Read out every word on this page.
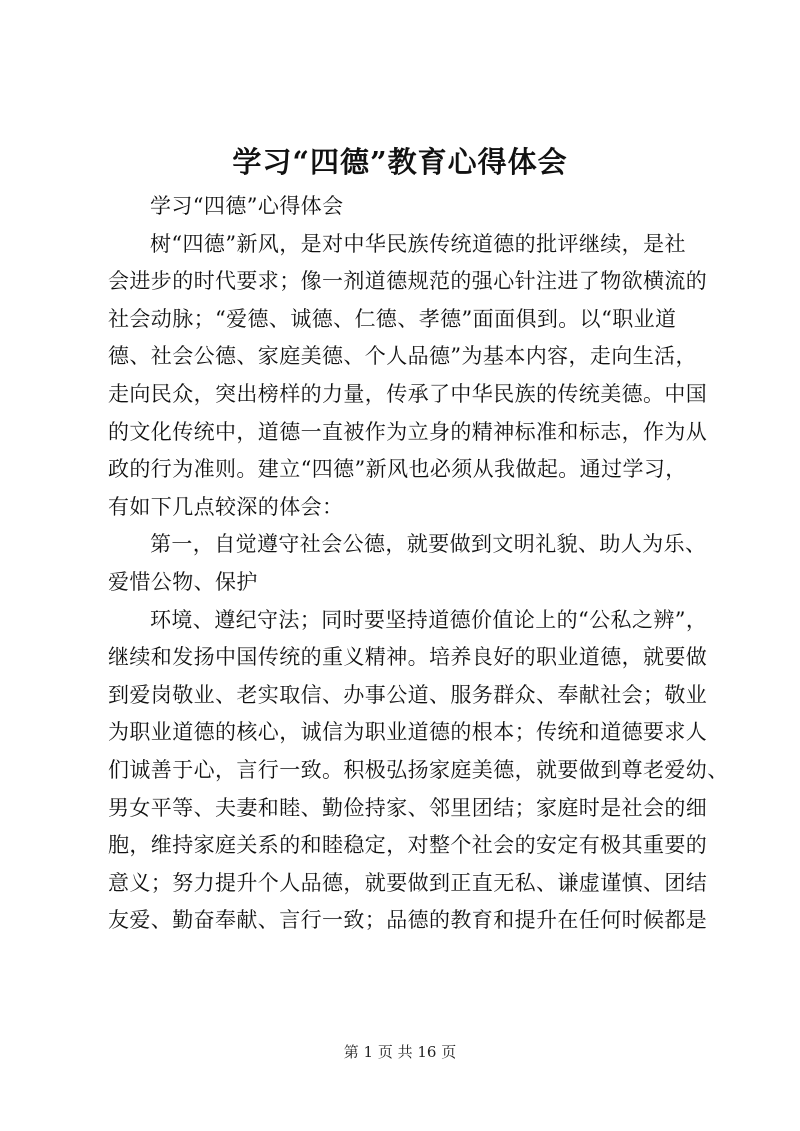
学习“四德”教育心得体会
学习“四德”心得体会
树“四德”新风，是对中华民族传统道德的批评继续，是社
会进步的时代要求；像一剂道德规范的强心针注进了物欲横流的
社会动脉；“爱德、诚德、仁德、孝德”面面俱到。以“职业道
德、社会公德、家庭美德、个人品德”为基本内容，走向生活，
走向民众，突出榜样的力量，传承了中华民族的传统美德。中国
的文化传统中，道德一直被作为立身的精神标准和标志，作为从
政的行为准则。建立“四德”新风也必须从我做起。通过学习，
有如下几点较深的体会：
第一，自觉遵守社会公德，就要做到文明礼貌、助人为乐、
爱惜公物、保护
环境、遵纪守法；同时要坚持道德价值论上的“公私之辨”，
继续和发扬中国传统的重义精神。培养良好的职业道德，就要做
到爱岗敬业、老实取信、办事公道、服务群众、奉献社会；敬业
为职业道德的核心，诚信为职业道德的根本；传统和道德要求人
们诚善于心，言行一致。积极弘扬家庭美德，就要做到尊老爱幼、
男女平等、夫妻和睦、勤俭持家、邻里团结；家庭时是社会的细
胞，维持家庭关系的和睦稳定，对整个社会的安定有极其重要的
意义；努力提升个人品德，就要做到正直无私、谦虚谨慎、团结
友爱、勤奋奉献、言行一致；品德的教育和提升在任何时候都是
第 1 页 共 16 页
